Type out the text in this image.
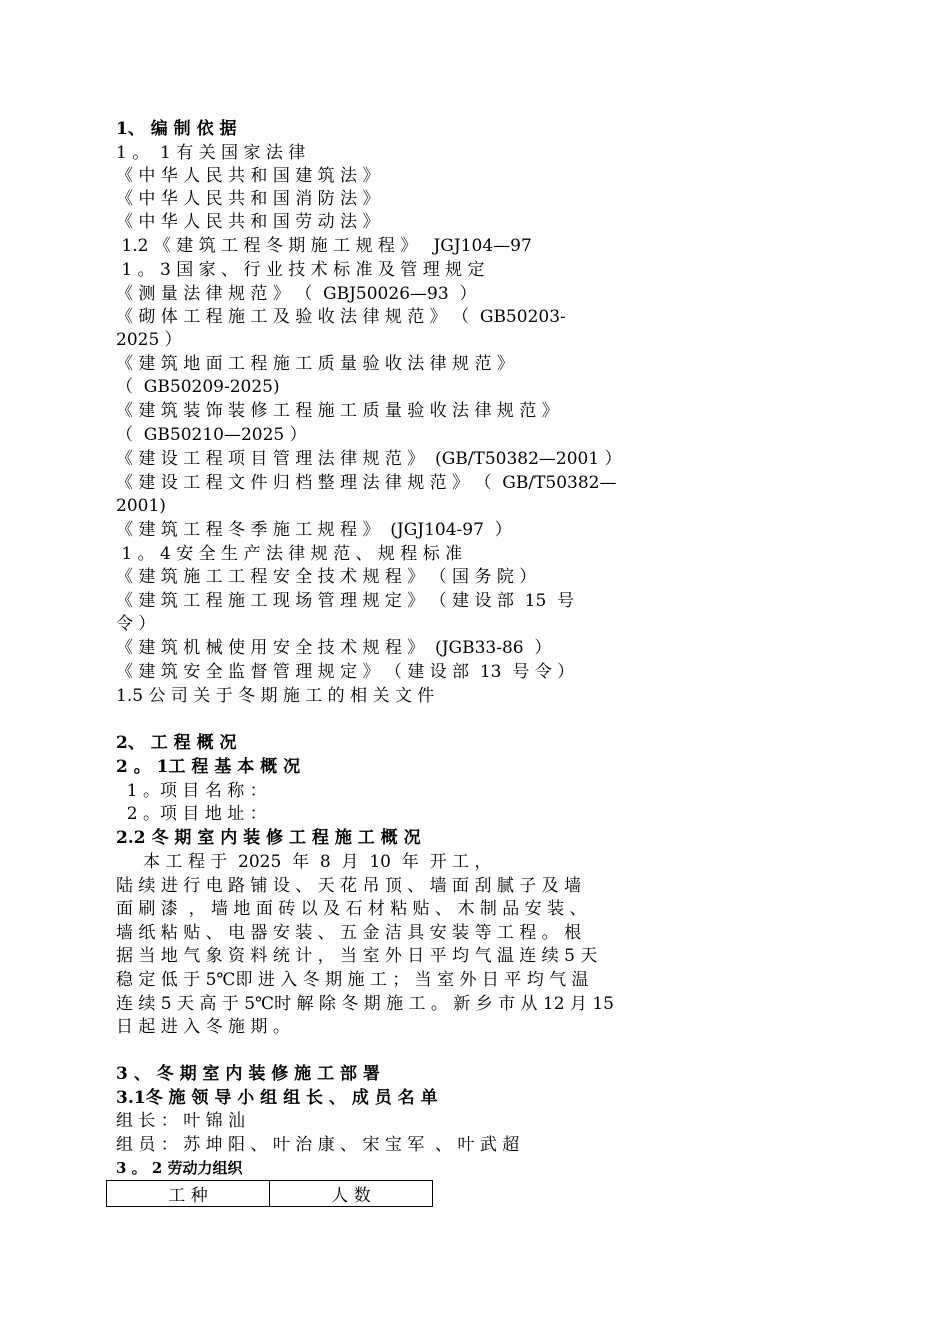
1、 编 制 依 据
1 。  1 有 关 国 家 法 律
《 中 华 人 民 共 和 国 建 筑 法 》
《 中 华 人 民 共 和 国 消 防 法 》
《 中 华 人 民 共 和 国 劳 动 法 》
1.2 《 建 筑 工 程 冬 期 施 工 规 程 》   JGJ104—97
1 。 3 国 家 、 行 业 技 术 标 准 及 管 理 规 定
《 测 量 法 律 规 范 》 （  GBJ50026—93  ）
《 砌 体 工 程 施 工 及 验 收 法 律 规 范 》 （  GB50203-
2025 ）
《 建 筑 地 面 工 程 施 工 质 量 验 收 法 律 规 范 》
（  GB50209-2025)
《 建 筑 装 饰 装 修 工 程 施 工 质 量 验 收 法 律 规 范 》
（  GB50210—2025 ）
《 建 设 工 程 项 目 管 理 法 律 规 范 》  (GB/T50382—2001 ）
《 建 设 工 程 文 件 归 档 整 理 法 律 规 范 》 （  GB/T50382—
2001)
《 建 筑 工 程 冬 季 施 工 规 程 》  (JGJ104-97  ）
1 。 4 安 全 生 产 法 律 规 范 、 规 程 标 准
《 建 筑 施 工 工 程 安 全 技 术 规 程 》 （ 国 务 院 ）
《 建 筑 工 程 施 工 现 场 管 理 规 定 》 （ 建 设 部  15  号
令 ）
《 建 筑 机 械 使 用 安 全 技 术 规 程 》  (JGB33-86  ）
《 建 筑 安 全 监 督 管 理 规 定 》 （ 建 设 部  13  号 令 ）
1.5 公 司 关 于 冬 期 施 工 的 相 关 文 件
2、 工 程 概 况
2 。 1工 程 基 本 概 况
1 。项 目 名 称 ：
2 。项 目 地 址 ：
2.2 冬 期 室 内 装 修 工 程 施 工 概 况
本 工 程 于  2025  年  8  月  10  年  开 工 ，
陆 续 进 行 电 路 铺 设 、 天 花 吊 顶 、 墙 面 刮 腻 子 及 墙
面 刷 漆  ， 墙 地 面 砖 以 及 石 材 粘 贴 、 木 制 品 安 装 、
墙 纸 粘 贴 、 电 器 安 装 、 五 金 洁 具 安 装 等 工 程 。 根
据 当 地 气 象 资 料 统 计 ， 当 室 外 日 平 均 气 温 连 续 5 天
稳 定 低 于 5℃即 进 入 冬 期 施 工 ； 当 室 外 日 平 均 气 温
连 续 5 天 高 于 5℃时 解 除 冬 期 施 工 。 新 乡 市 从 12 月 15
日 起 进 入 冬 施 期 。
3 、 冬 期 室 内 装 修 施 工 部 署
3.1冬 施 领 导 小 组 组 长 、 成 员 名 单
组 长 ： 叶 锦 汕
组 员 ： 苏 坤 阳 、 叶 治 康 、 宋 宝 军  、 叶 武 超
3 。 2 劳动力组织
工 种	人 数
